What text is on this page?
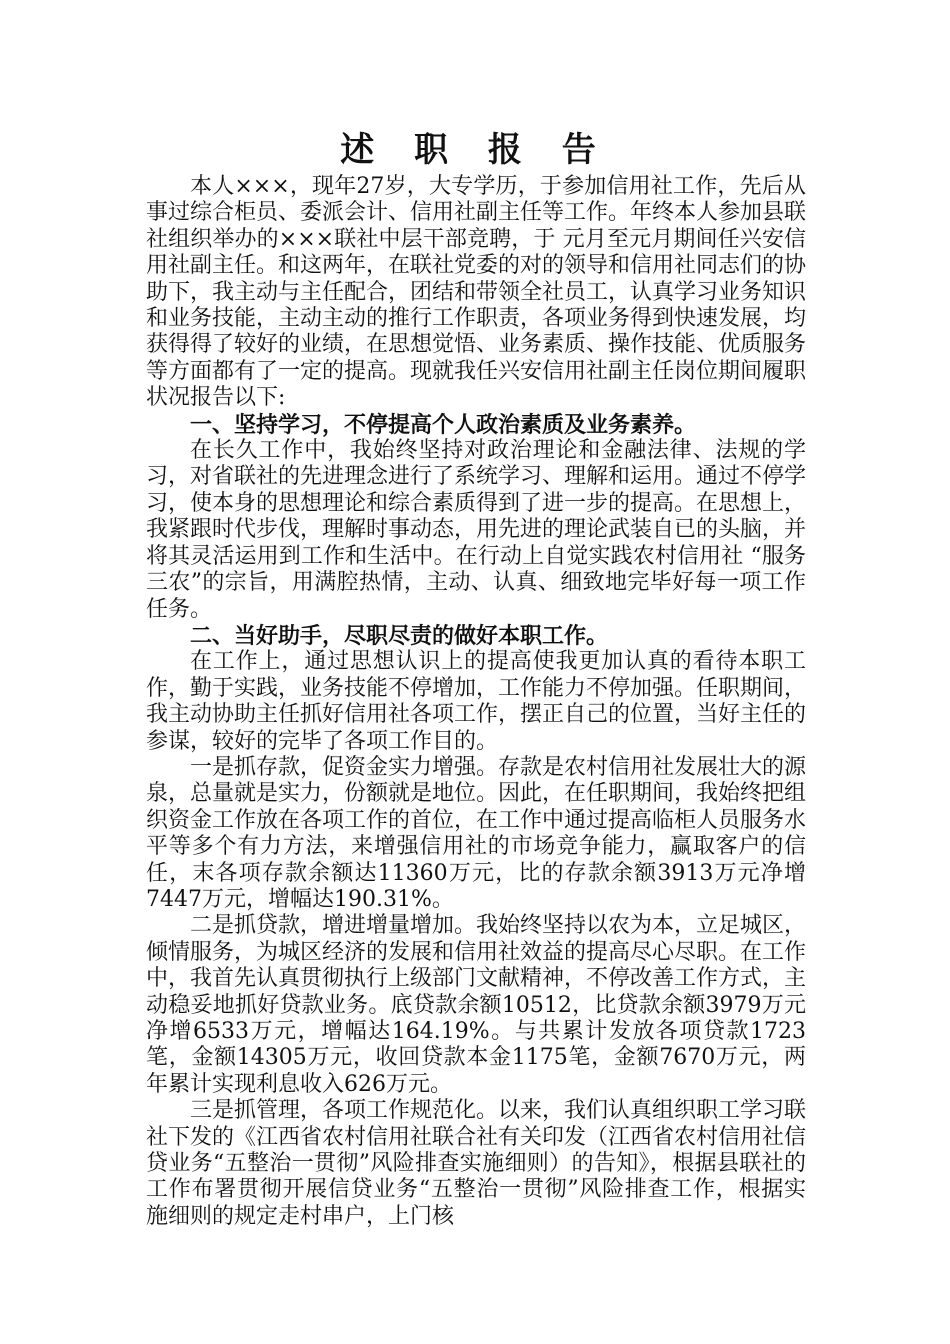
述 职 报 告

本人×××，现年27岁，大专学历，于参加信用社工作，先后从事过综合柜员、委派会计、信用社副主任等工作。年终本人参加县联社组织举办的×××联社中层干部竞聘，于 元月至元月期间任兴安信用社副主任。和这两年，在联社党委的对的领导和信用社同志们的协助下，我主动与主任配合，团结和带领全社员工，认真学习业务知识和业务技能，主动主动的推行工作职责，各项业务得到快速发展，均获得得了较好的业绩，在思想觉悟、业务素质、操作技能、优质服务等方面都有了一定的提高。现就我任兴安信用社副主任岗位期间履职状况报告以下:

一、坚持学习，不停提高个人政治素质及业务素养。

在长久工作中，我始终坚持对政治理论和金融法律、法规的学习，对省联社的先进理念进行了系统学习、理解和运用。通过不停学习，使本身的思想理论和综合素质得到了进一步的提高。在思想上，我紧跟时代步伐，理解时事动态，用先进的理论武装自已的头脑，并将其灵活运用到工作和生活中。在行动上自觉实践农村信用社 “服务三农”的宗旨，用满腔热情，主动、认真、细致地完毕好每一项工作任务。

二、当好助手，尽职尽责的做好本职工作。

在工作上，通过思想认识上的提高使我更加认真的看待本职工作，勤于实践，业务技能不停增加，工作能力不停加强。任职期间，我主动协助主任抓好信用社各项工作，摆正自己的位置，当好主任的参谋，较好的完毕了各项工作目的。

一是抓存款，促资金实力增强。存款是农村信用社发展壮大的源泉，总量就是实力，份额就是地位。因此，在任职期间，我始终把组织资金工作放在各项工作的首位，在工作中通过提高临柜人员服务水平等多个有力方法，来增强信用社的市场竞争能力，赢取客户的信任，末各项存款余额达11360万元，比的存款余额3913万元净增7447万元，增幅达190.31%。

二是抓贷款，增进增量增加。我始终坚持以农为本，立足城区，倾情服务，为城区经济的发展和信用社效益的提高尽心尽职。在工作中，我首先认真贯彻执行上级部门文献精神，不停改善工作方式，主动稳妥地抓好贷款业务。底贷款余额10512，比贷款余额3979万元净增6533万元，增幅达164.19%。与共累计发放各项贷款1723笔，金额14305万元，收回贷款本金1175笔，金额7670万元，两年累计实现利息收入626万元。

三是抓管理，各项工作规范化。以来，我们认真组织职工学习联社下发的《江西省农村信用社联合社有关印发（江西省农村信用社信贷业务“五整治一贯彻”风险排查实施细则）的告知》，根据县联社的工作布署贯彻开展信贷业务“五整治一贯彻”风险排查工作，根据实施细则的规定走村串户，上门核
